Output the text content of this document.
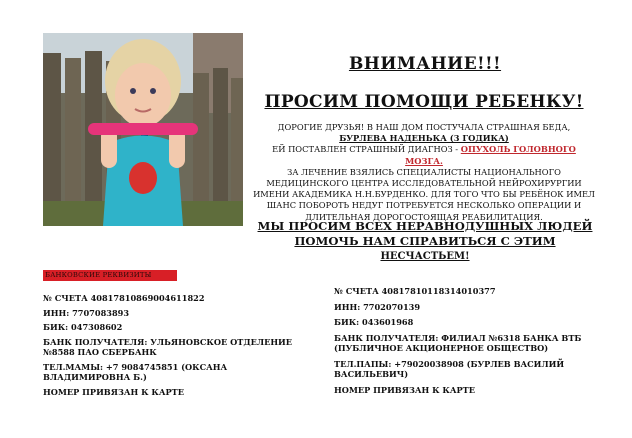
ВНИМАНИЕ!!!
ПРОСИМ ПОМОЩИ РЕБЕНКУ!
ДОРОГИЕ ДРУЗЬЯ! В НАШ ДОМ ПОСТУЧАЛА СТРАШНАЯ БЕДА,
БУРЛЕВА НАДЕНЬКА (3 ГОДИКА)
ЕЙ ПОСТАВЛЕН СТРАШНЫЙ ДИАГНОЗ - ОПУХОЛЬ ГОЛОВНОГО МОЗГА.
ЗА ЛЕЧЕНИЕ ВЗЯЛИСЬ СПЕЦИАЛИСТЫ НАЦИОНАЛЬНОГО МЕДИЦИНСКОГО ЦЕНТРА ИССЛЕДОВАТЕЛЬНОЙ НЕЙРОХИРУРГИИ ИМЕНИ АКАДЕМИКА Н.Н.БУРДЕНКО. ДЛЯ ТОГО ЧТО БЫ РЕБЁНОК ИМЕЛ ШАНС ПОБОРОТЬ НЕДУГ ПОТРЕБУЕТСЯ НЕСКОЛЬКО ОПЕРАЦИИ И ДЛИТЕЛЬНАЯ ДОРОГОСТОЯЩАЯ РЕАБИЛИТАЦИЯ.
МЫ ПРОСИМ ВСЕХ НЕРАВНОДУШНЫХ ЛЮДЕЙ
ПОМОЧЬ НАМ СПРАВИТЬСЯ С ЭТИМ
НЕСЧАСТЬЕМ!
БАНКОВСКИЕ РЕКВИЗИТЫ

№ СЧЕТА 40817810869004611822

ИНН: 7707083893

БИК: 047308602

БАНК ПОЛУЧАТЕЛЯ: УЛЬЯНОВСКОЕ ОТДЕЛЕНИЕ №8588 ПАО СБЕРБАНК

ТЕЛ.МАМЫ: +7 9084745851 (ОКСАНА ВЛАДИМИРОВНА Б.)

НОМЕР ПРИВЯЗАН К КАРТЕ

№ СЧЕТА 40817810118314010377

ИНН: 7702070139

БИК: 043601968

БАНК ПОЛУЧАТЕЛЯ: ФИЛИАЛ №6318 БАНКА ВТБ (ПУБЛИЧНОЕ АКЦИОНЕРНОЕ ОБЩЕСТВО)

ТЕЛ.ПАПЫ: +79020038908 (БУРЛЕВ ВАСИЛИЙ ВАСИЛЬЕВИЧ)

НОМЕР ПРИВЯЗАН К КАРТЕ
